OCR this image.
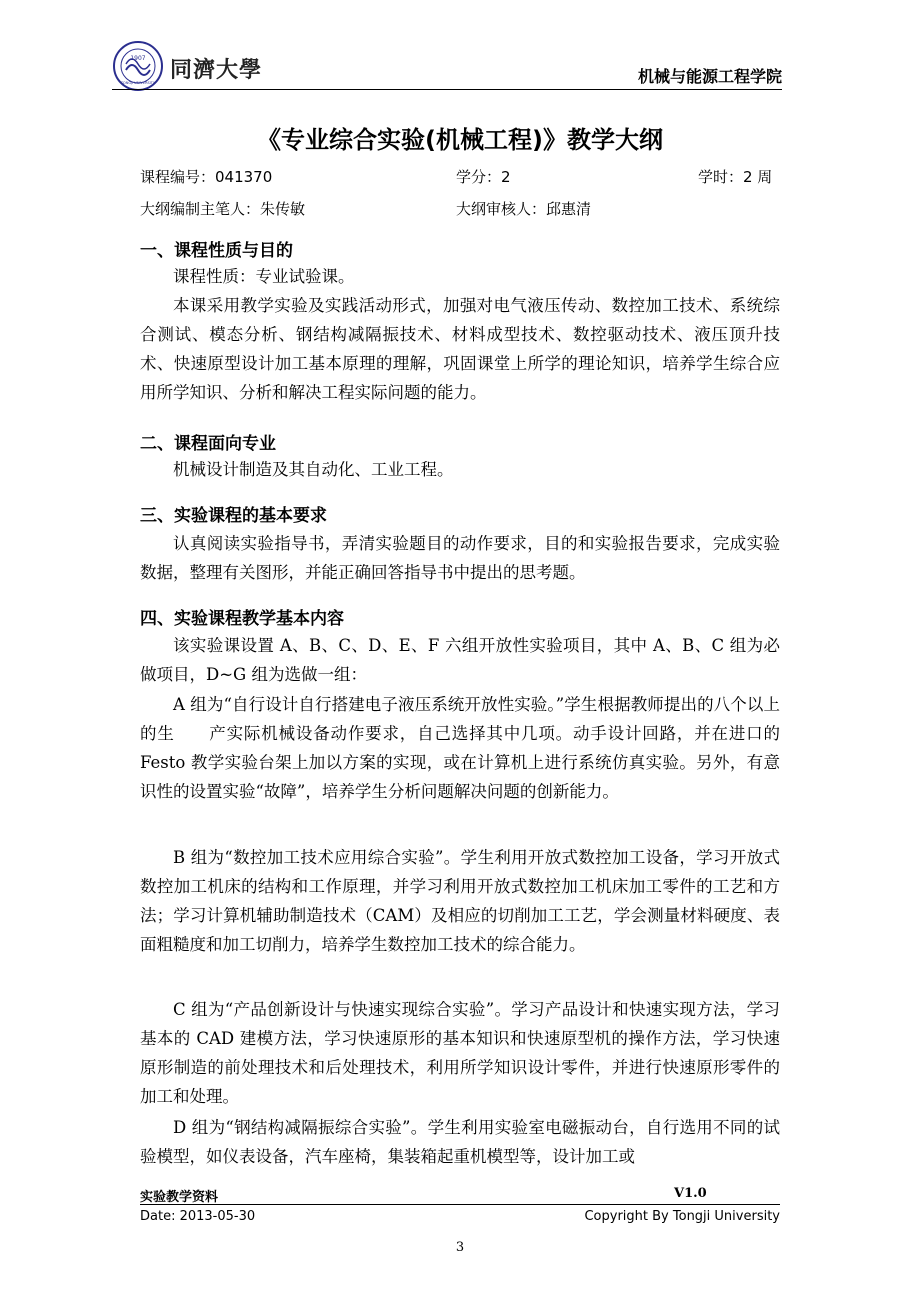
1907
TONGJI UNIVERSITY 同濟大學	机械与能源工程学院
《专业综合实验(机械工程)》教学大纲
课程编号：041370	学分：2	学时：2 周
大纲编制主笔人：朱传敏	大纲审核人：邱惠清
一、课程性质与目的
课程性质：专业试验课。
本课采用教学实验及实践活动形式，加强对电气液压传动、数控加工技术、系统综合测试、模态分析、钢结构减隔振技术、材料成型技术、数控驱动技术、液压顶升技术、快速原型设计加工基本原理的理解，巩固课堂上所学的理论知识，培养学生综合应用所学知识、分析和解决工程实际问题的能力。
二、课程面向专业
机械设计制造及其自动化、工业工程。
三、实验课程的基本要求
认真阅读实验指导书，弄清实验题目的动作要求，目的和实验报告要求，完成实验数据，整理有关图形，并能正确回答指导书中提出的思考题。
四、实验课程教学基本内容
该实验课设置 A、B、C、D、E、F 六组开放性实验项目，其中 A、B、C 组为必做项目，D~G 组为选做一组：
A 组为“自行设计自行搭建电子液压系统开放性实验。”学生根据教师提出的八个以上的生　　产实际机械设备动作要求，自己选择其中几项。动手设计回路，并在进口的 Festo 教学实验台架上加以方案的实现，或在计算机上进行系统仿真实验。另外，有意识性的设置实验“故障”，培养学生分析问题解决问题的创新能力。
B 组为“数控加工技术应用综合实验”。学生利用开放式数控加工设备，学习开放式数控加工机床的结构和工作原理，并学习利用开放式数控加工机床加工零件的工艺和方法；学习计算机辅助制造技术（CAM）及相应的切削加工工艺，学会测量材料硬度、表面粗糙度和加工切削力，培养学生数控加工技术的综合能力。
C 组为“产品创新设计与快速实现综合实验”。学习产品设计和快速实现方法，学习基本的 CAD 建模方法，学习快速原形的基本知识和快速原型机的操作方法，学习快速原形制造的前处理技术和后处理技术，利用所学知识设计零件，并进行快速原形零件的加工和处理。
D 组为“钢结构减隔振综合实验”。学生利用实验室电磁振动台，自行选用不同的试验模型，如仪表设备，汽车座椅，集装箱起重机模型等，设计加工或
实验教学资料	V1.0
Date: 2013-05-30	Copyright By Tongji University
3
